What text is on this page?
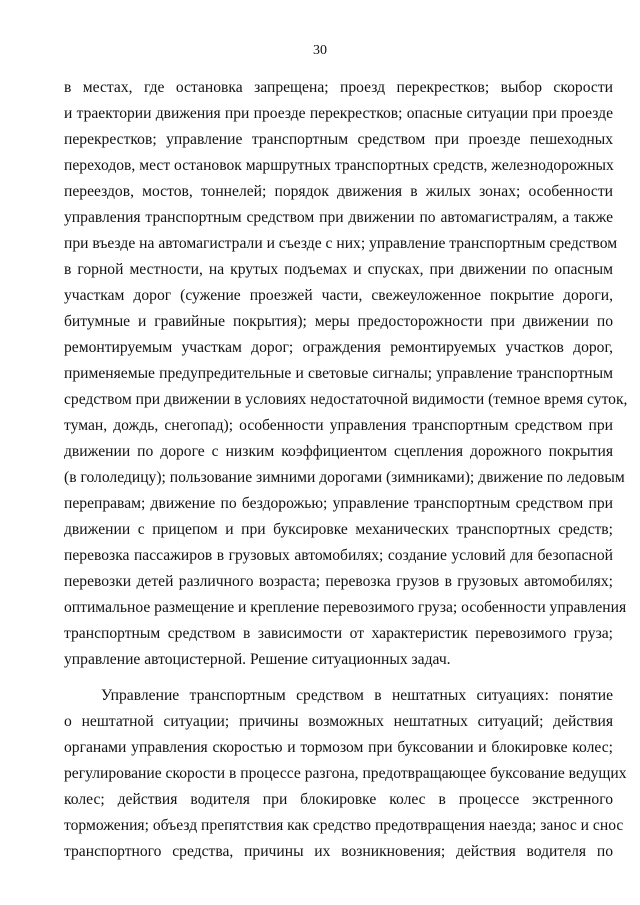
30
в местах, где остановка запрещена; проезд перекрестков; выбор скорости
и траектории движения при проезде перекрестков; опасные ситуации при проезде
перекрестков; управление транспортным средством при проезде пешеходных
переходов, мест остановок маршрутных транспортных средств, железнодорожных
переездов, мостов, тоннелей; порядок движения в жилых зонах; особенности
управления транспортным средством при движении по автомагистралям, а также
при въезде на автомагистрали и съезде с них; управление транспортным средством
в горной местности, на крутых подъемах и спусках, при движении по опасным
участкам дорог (сужение проезжей части, свежеуложенное покрытие дороги,
битумные и гравийные покрытия); меры предосторожности при движении по
ремонтируемым участкам дорог; ограждения ремонтируемых участков дорог,
применяемые предупредительные и световые сигналы; управление транспортным
средством при движении в условиях недостаточной видимости (темное время суток,
туман, дождь, снегопад); особенности управления транспортным средством при
движении по дороге с низким коэффициентом сцепления дорожного покрытия
(в гололедицу); пользование зимними дорогами (зимниками); движение по ледовым
переправам; движение по бездорожью; управление транспортным средством при
движении с прицепом и при буксировке механических транспортных средств;
перевозка пассажиров в грузовых автомобилях; создание условий для безопасной
перевозки детей различного возраста; перевозка грузов в грузовых автомобилях;
оптимальное размещение и крепление перевозимого груза; особенности управления
транспортным средством в зависимости от характеристик перевозимого груза;
управление автоцистерной. Решение ситуационных задач.
Управление транспортным средством в нештатных ситуациях: понятие
о нештатной ситуации; причины возможных нештатных ситуаций; действия
органами управления скоростью и тормозом при буксовании и блокировке колес;
регулирование скорости в процессе разгона, предотвращающее буксование ведущих
колес; действия водителя при блокировке колес в процессе экстренного
торможения; объезд препятствия как средство предотвращения наезда; занос и снос
транспортного средства, причины их возникновения; действия водителя по
